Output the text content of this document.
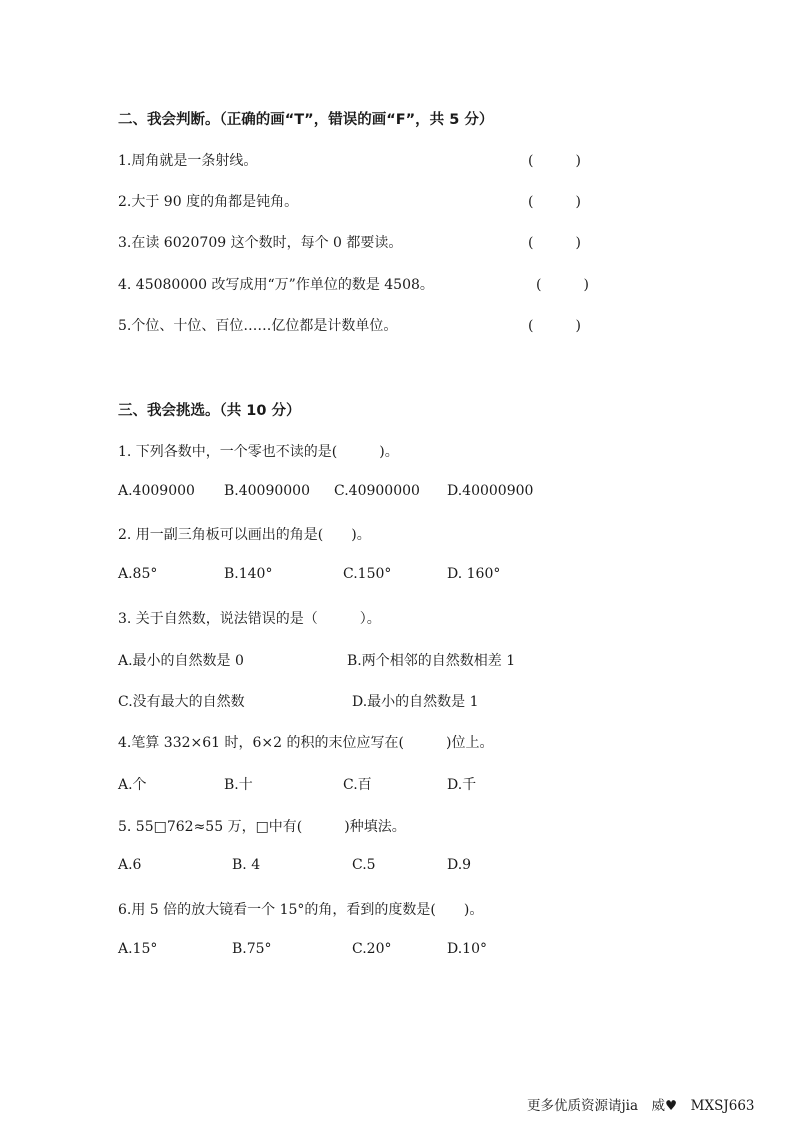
二、我会判断。（正确的画“T”，错误的画“F”，共 5 分）
1.周角就是一条射线。	(　　　)
2.大于 90 度的角都是钝角。	(　　　)
3.在读 6020709 这个数时，每个 0 都要读。	(　　　)
4. 45080000 改写成用“万”作单位的数是 4508。	(　　　)
5.个位、十位、百位……亿位都是计数单位。	(　　　)
三、我会挑选。（共 10 分）
1. 下列各数中，一个零也不读的是(　　　)。
A.4009000 B.40090000 C.40900000 D.40000900
2. 用一副三角板可以画出的角是(　　)。
A.85°	B.140°	C.150°	D. 160°
3. 关于自然数，说法错误的是（　　　）。
A.最小的自然数是 0	B.两个相邻的自然数相差 1
C.没有最大的自然数	D.最小的自然数是 1
4.笔算 332×61 时，6×2 的积的末位应写在(　　　)位上。
A.个	B.十	C.百	D.千
5. 55□762≈55 万，□中有(　　　)种填法。
A.6	B. 4	C.5	D.9
6.用 5 倍的放大镜看一个 15°的角，看到的度数是(　　)。
A.15°	B.75°	C.20°	D.10°
更多优质资源请jia　威♥　MXSJ663
